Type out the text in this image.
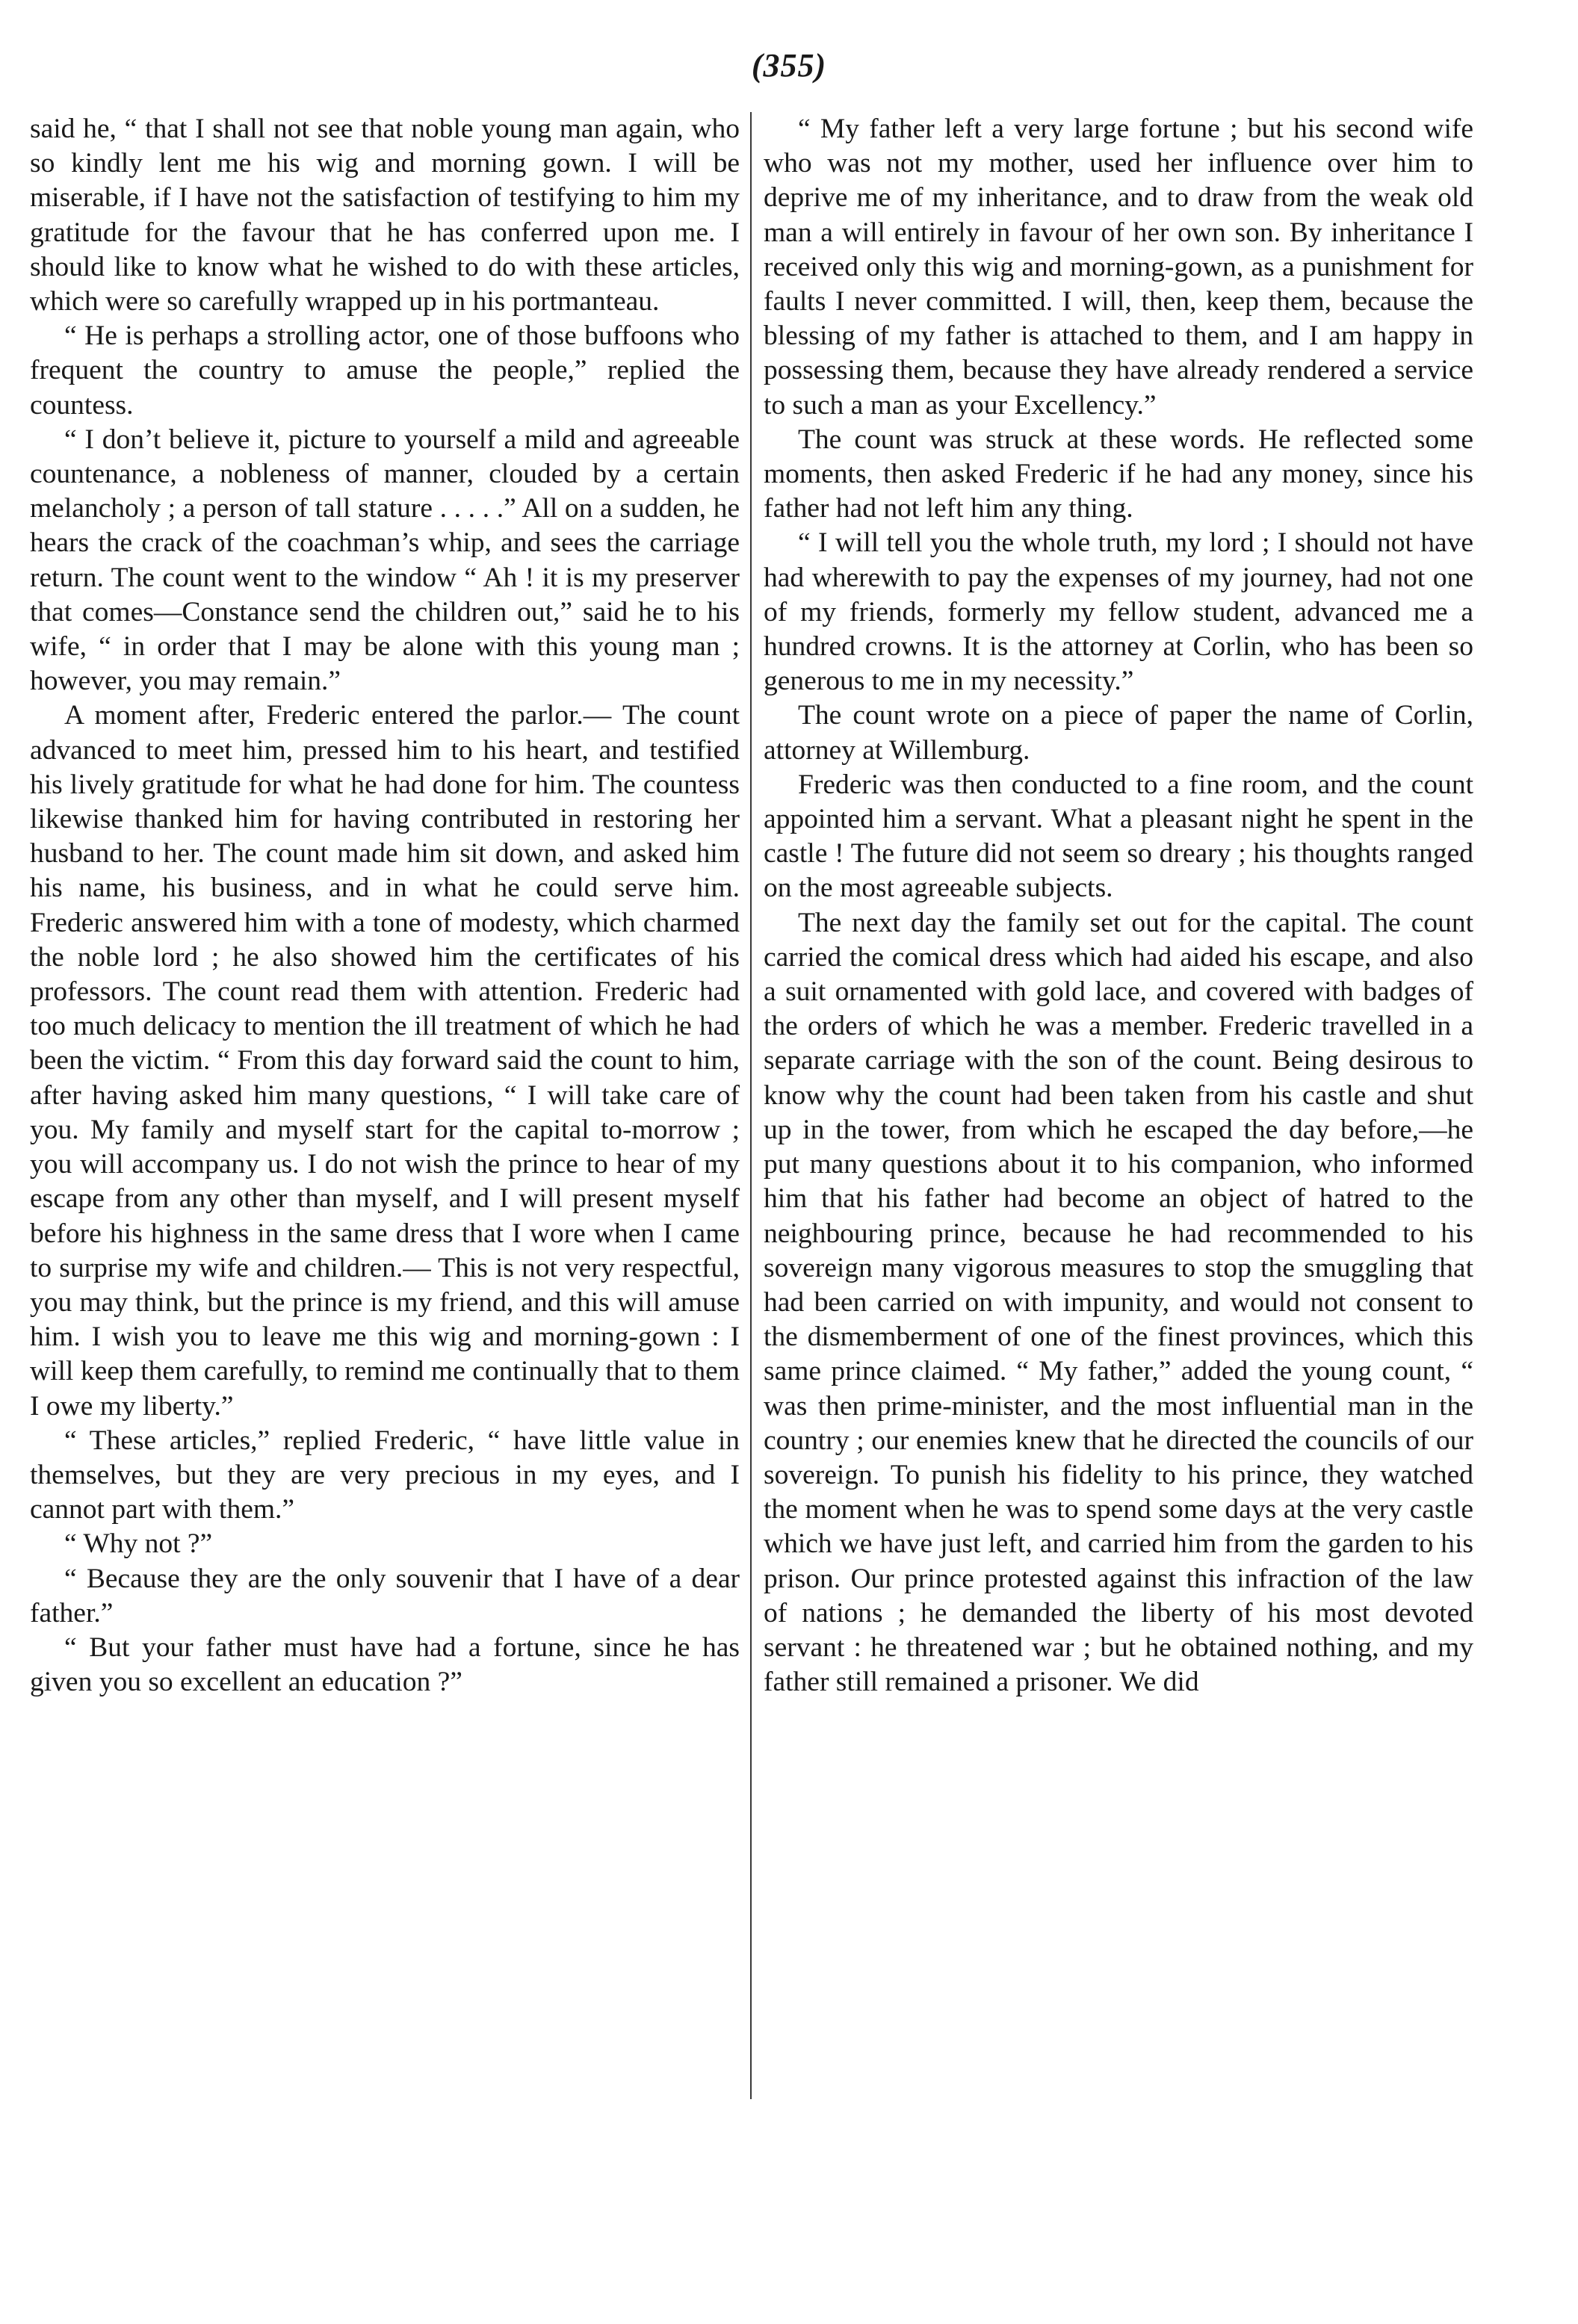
(355)

said he, “ that I shall not see that noble young man again, who so kindly lent me his wig and morning gown. I will be miserable, if I have not the satisfaction of testifying to him my gratitude for the favour that he has conferred upon me. I should like to know what he wished to do with these articles, which were so carefully wrapped up in his portmanteau.

“ He is perhaps a strolling actor, one of those buffoons who frequent the country to amuse the people,” replied the countess.

“ I don’t believe it, picture to yourself a mild and agreeable countenance, a nobleness of manner, clouded by a certain melancholy ; a person of tall stature . . . . .” All on a sudden, he hears the crack of the coachman’s whip, and sees the carriage return. The count went to the window “ Ah ! it is my preserver that comes—Constance send the children out,” said he to his wife, “ in order that I may be alone with this young man ; however, you may remain.”

A moment after, Frederic entered the parlor.— The count advanced to meet him, pressed him to his heart, and testified his lively gratitude for what he had done for him. The countess likewise thanked him for having contributed in restoring her husband to her. The count made him sit down, and asked him his name, his business, and in what he could serve him. Frederic answered him with a tone of modesty, which charmed the noble lord ; he also showed him the certificates of his professors. The count read them with attention. Frederic had too much delicacy to mention the ill treatment of which he had been the victim. “ From this day forward said the count to him, after having asked him many questions, “ I will take care of you. My family and myself start for the capital to-morrow ; you will accompany us. I do not wish the prince to hear of my escape from any other than myself, and I will present myself before his highness in the same dress that I wore when I came to surprise my wife and children.— This is not very respectful, you may think, but the prince is my friend, and this will amuse him. I wish you to leave me this wig and morning-gown : I will keep them carefully, to remind me continually that to them I owe my liberty.”

“ These articles,” replied Frederic, “ have little value in themselves, but they are very precious in my eyes, and I cannot part with them.”

“ Why not ?”

“ Because they are the only souvenir that I have of a dear father.”

“ But your father must have had a fortune, since he has given you so excellent an education ?”

“ My father left a very large fortune ; but his second wife who was not my mother, used her influence over him to deprive me of my inheritance, and to draw from the weak old man a will entirely in favour of her own son. By inheritance I received only this wig and morning-gown, as a punishment for faults I never committed. I will, then, keep them, because the blessing of my father is attached to them, and I am happy in possessing them, because they have already rendered a service to such a man as your Excellency.”

The count was struck at these words. He reflected some moments, then asked Frederic if he had any money, since his father had not left him any thing.

“ I will tell you the whole truth, my lord ; I should not have had wherewith to pay the expenses of my journey, had not one of my friends, formerly my fellow student, advanced me a hundred crowns. It is the attorney at Corlin, who has been so generous to me in my necessity.”

The count wrote on a piece of paper the name of Corlin, attorney at Willemburg.

Frederic was then conducted to a fine room, and the count appointed him a servant. What a pleasant night he spent in the castle ! The future did not seem so dreary ; his thoughts ranged on the most agreeable subjects.

The next day the family set out for the capital. The count carried the comical dress which had aided his escape, and also a suit ornamented with gold lace, and covered with badges of the orders of which he was a member. Frederic travelled in a separate carriage with the son of the count. Being desirous to know why the count had been taken from his castle and shut up in the tower, from which he escaped the day before,—he put many questions about it to his companion, who informed him that his father had become an object of hatred to the neighbouring prince, because he had recommended to his sovereign many vigorous measures to stop the smuggling that had been carried on with impunity, and would not consent to the dismemberment of one of the finest provinces, which this same prince claimed. “ My father,” added the young count, “ was then prime-minister, and the most influential man in the country ; our enemies knew that he directed the councils of our sovereign. To punish his fidelity to his prince, they watched the moment when he was to spend some days at the very castle which we have just left, and carried him from the garden to his prison. Our prince protested against this infraction of the law of nations ; he demanded the liberty of his most devoted servant : he threatened war ; but he obtained nothing, and my father still remained a prisoner. We did
